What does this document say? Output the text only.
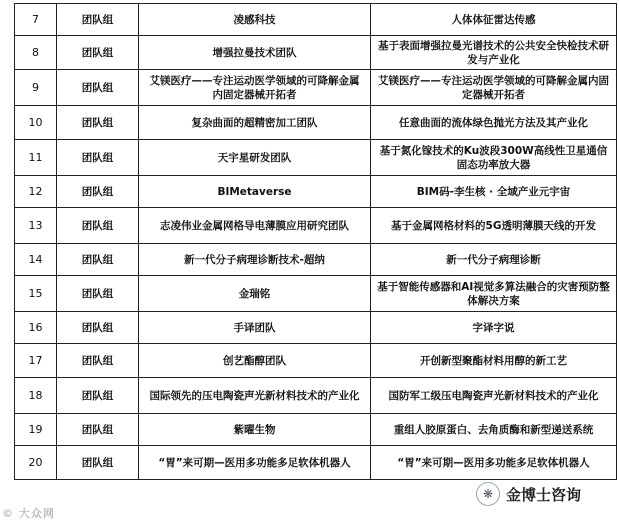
7	团队组	凌感科技	人体体征雷达传感
8	团队组	增强拉曼技术团队	基于表面增强拉曼光谱技术的公共安全快检技术研发与产业化
9	团队组	艾镁医疗——专注运动医学领域的可降解金属内固定器械开拓者	艾镁医疗——专注运动医学领域的可降解金属内固定器械开拓者
10	团队组	复杂曲面的超精密加工团队	任意曲面的流体绿色抛光方法及其产业化
11	团队组	天宇星研发团队	基于氮化镓技术的Ku波段300W高线性卫星通信固态功率放大器
12	团队组	BIMetaverse	BIM码-李生核 · 全域产业元宇宙
13	团队组	志凌伟业金属网格导电薄膜应用研究团队	基于金属网格材料的5G透明薄膜天线的开发
14	团队组	新一代分子病理诊断技术-超纳	新一代分子病理诊断
15	团队组	金瑞铭	基于智能传感器和AI视觉多算法融合的灾害预防整体解决方案
16	团队组	手译团队	字译字说
17	团队组	创艺酯醇团队	开创新型聚酯材料用醇的新工艺
18	团队组	国际领先的压电陶瓷声光新材料技术的产业化	国防军工级压电陶瓷声光新材料技术的产业化
19	团队组	紫曜生物	重组人胶原蛋白、去角质酶和新型递送系统
20	团队组	“胃”来可期—医用多功能多足软体机器人	“胃”来可期—医用多功能多足软体机器人
© 大众网
❋ 金博士咨询
